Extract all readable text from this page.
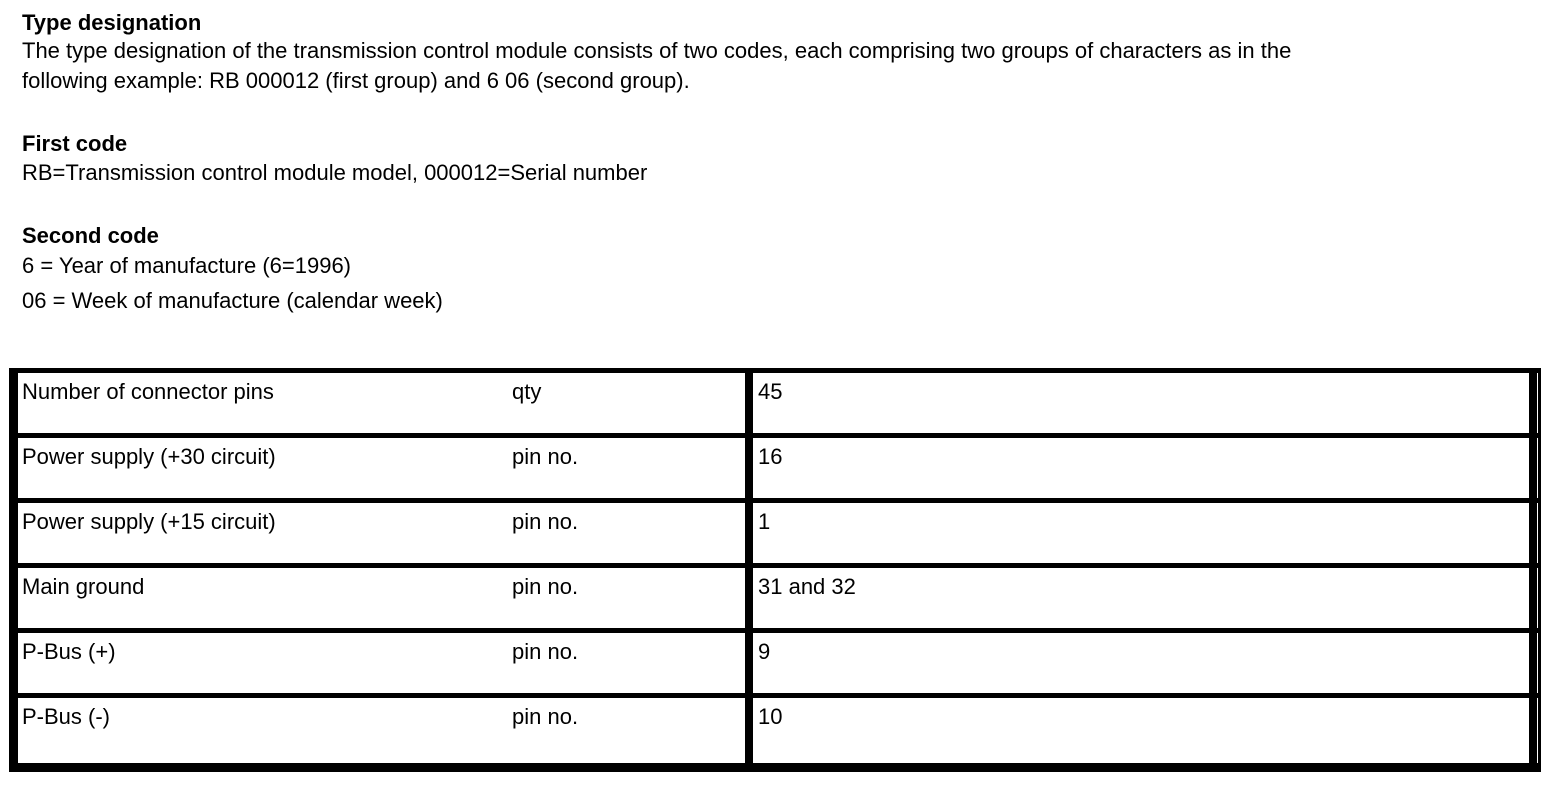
Type designation

The type designation of the transmission control module consists of two codes, each comprising two groups of characters as in the

following example: RB 000012 (first group) and 6 06 (second group).

First code

RB=Transmission control module model, 000012=Serial number

Second code

6 = Year of manufacture (6=1996)

06 = Week of manufacture (calendar week)

Number of connector pins	qty	45
Power supply (+30 circuit)	pin no.	16
Power supply (+15 circuit)	pin no.	1
Main ground	pin no.	31 and 32
P-Bus (+)	pin no.	9
P-Bus (-)	pin no.	10
